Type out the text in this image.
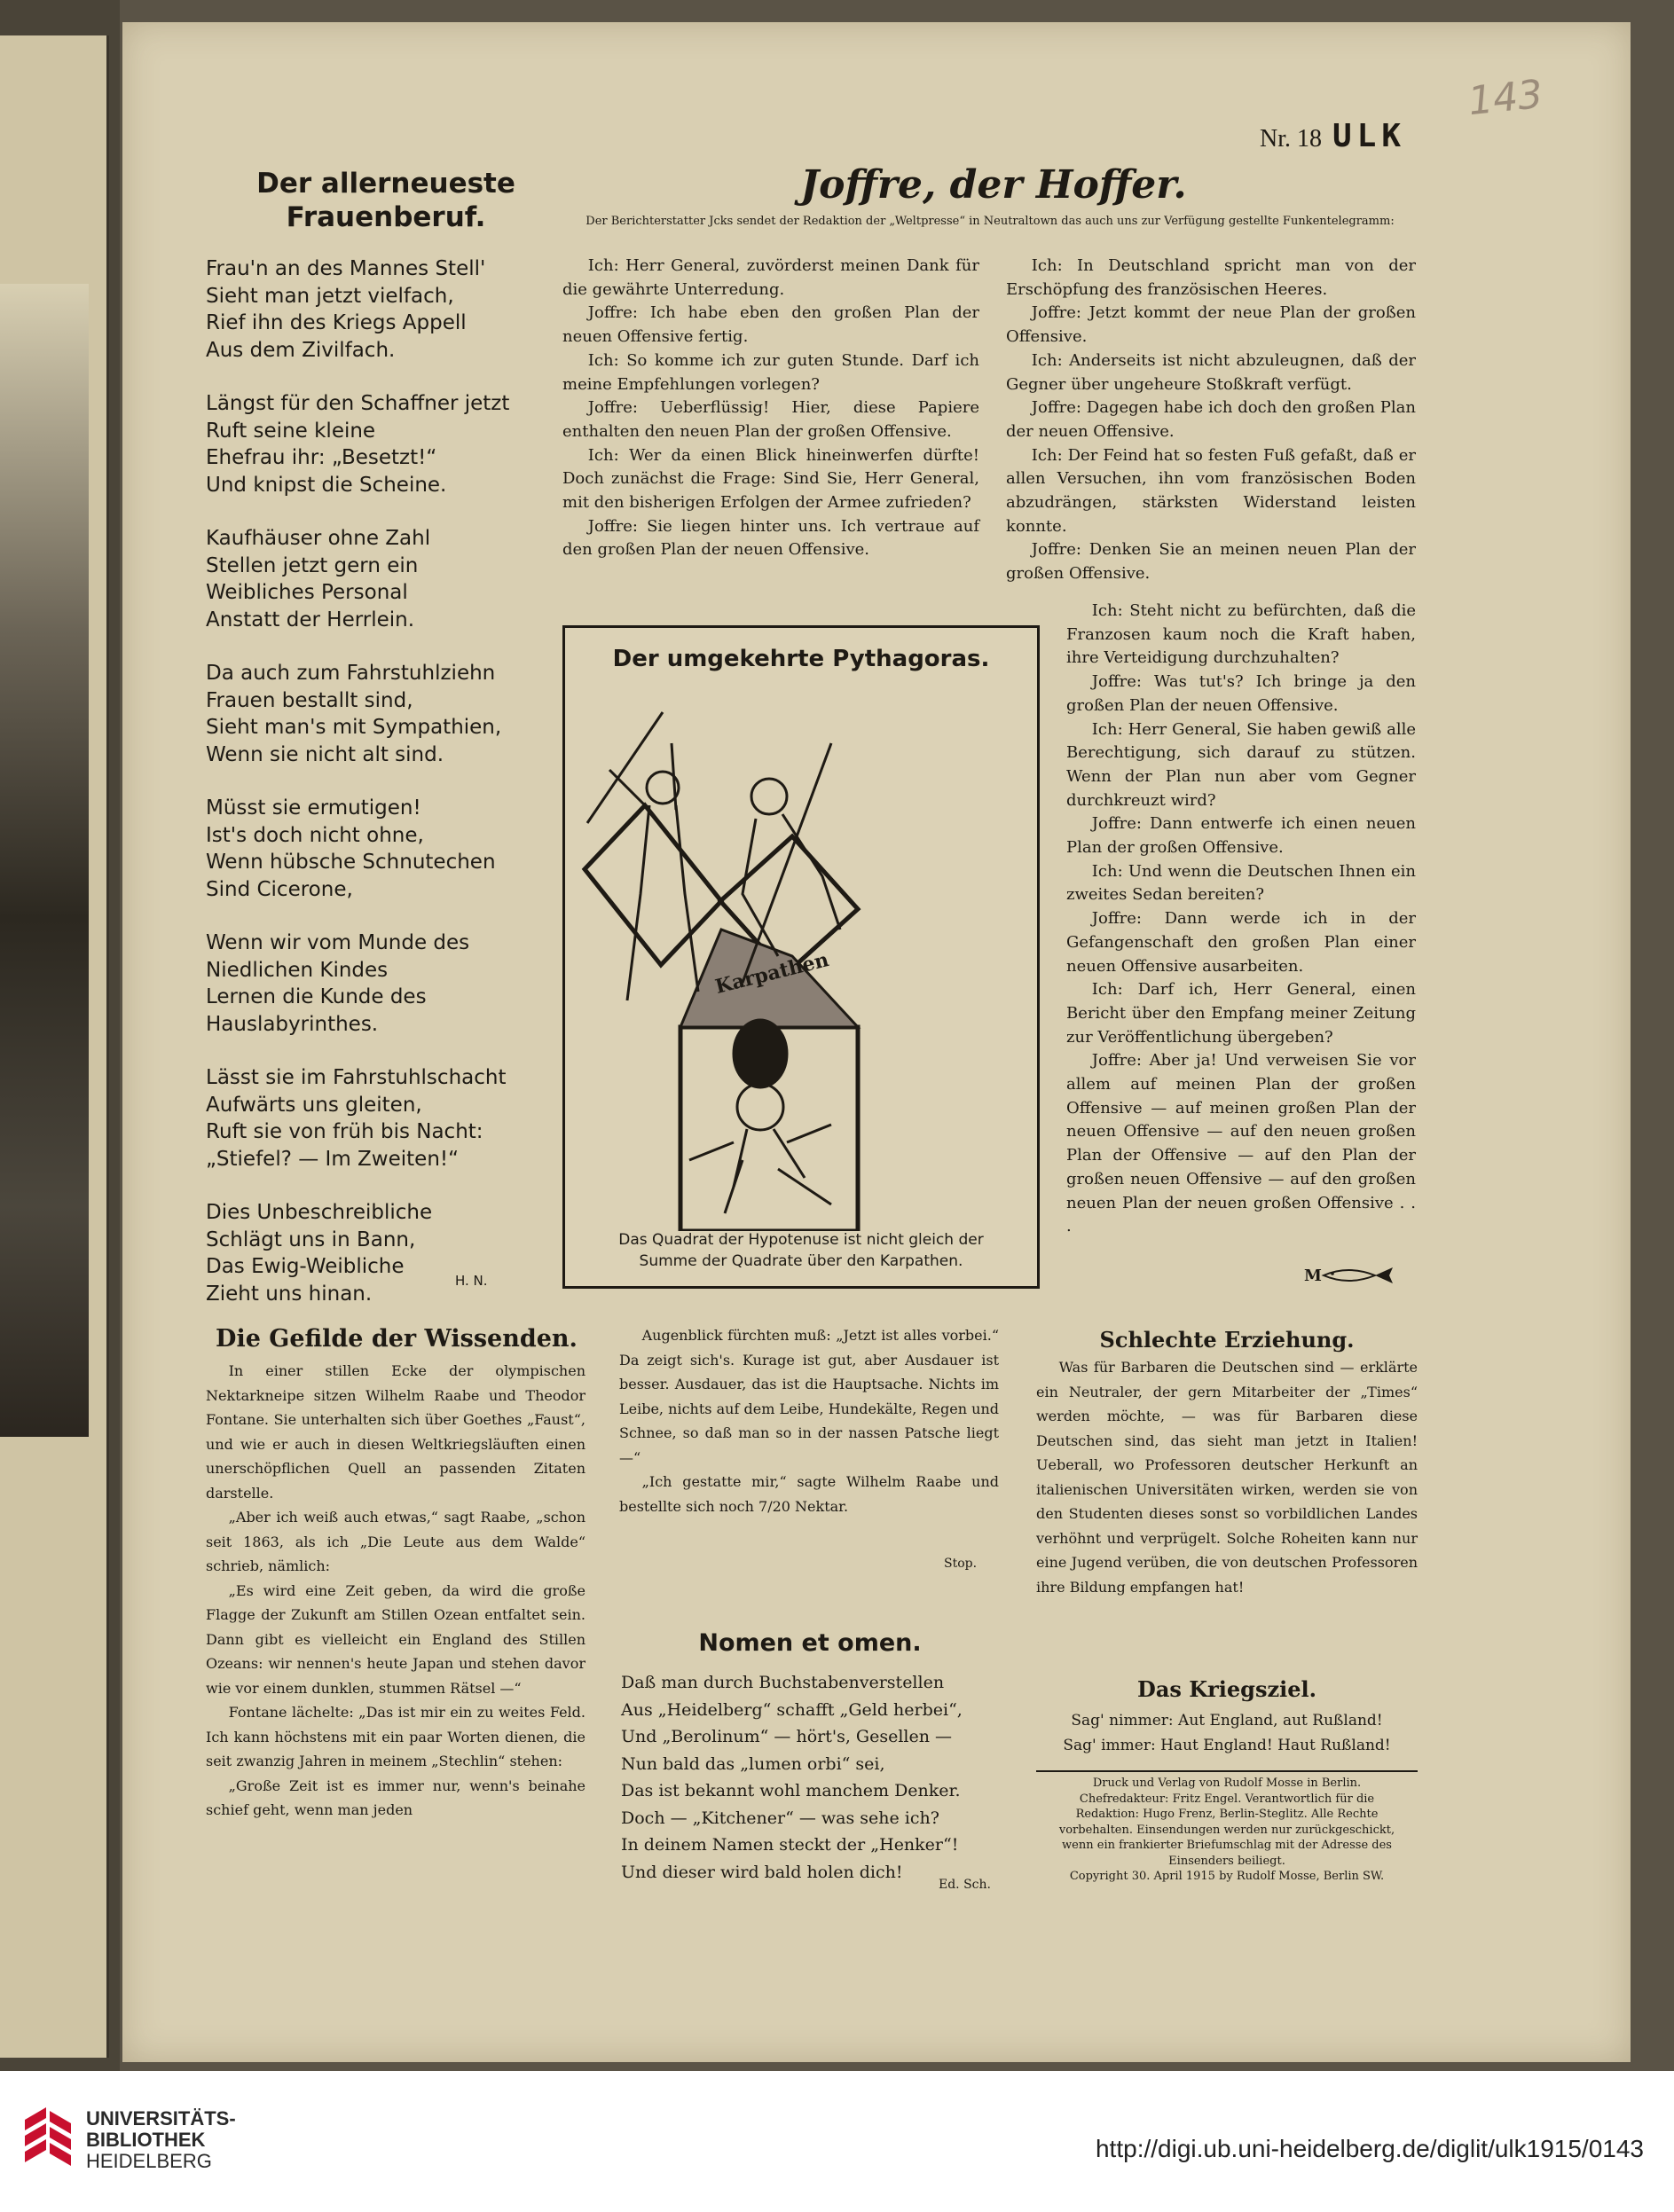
143
Nr. 18 ULK
Der allerneueste
Frauenberuf.
Frau'n an des Mannes Stell'
Sieht man jetzt vielfach,
Rief ihn des Kriegs Appell
Aus dem Zivilfach.
Längst für den Schaffner jetzt
Ruft seine kleine
Ehefrau ihr: „Besetzt!“
Und knipst die Scheine.
Kaufhäuser ohne Zahl
Stellen jetzt gern ein
Weibliches Personal
Anstatt der Herrlein.
Da auch zum Fahrstuhlziehn
Frauen bestallt sind,
Sieht man's mit Sympathien,
Wenn sie nicht alt sind.
Müsst sie ermutigen!
Ist's doch nicht ohne,
Wenn hübsche Schnutechen
Sind Cicerone,
Wenn wir vom Munde des
Niedlichen Kindes
Lernen die Kunde des
Hauslabyrinthes.
Lässt sie im Fahrstuhlschacht
Aufwärts uns gleiten,
Ruft sie von früh bis Nacht:
„Stiefel? — Im Zweiten!“
Dies Unbeschreibliche
Schlägt uns in Bann,
Das Ewig-Weibliche
Zieht uns hinan.
H. N.
Joffre, der Hoffer.
Der Berichterstatter Jcks sendet der Redaktion der „Weltpresse“ in Neutraltown das auch uns zur Verfügung gestellte Funkentelegramm:

Ich: Herr General, zuvörderst meinen Dank für die gewährte Unterredung.

Joffre: Ich habe eben den großen Plan der neuen Offensive fertig.

Ich: So komme ich zur guten Stunde. Darf ich meine Empfehlungen vorlegen?

Joffre: Ueberflüssig! Hier, diese Papiere enthalten den neuen Plan der großen Offensive.

Ich: Wer da einen Blick hineinwerfen dürfte! Doch zunächst die Frage: Sind Sie, Herr General, mit den bisherigen Erfolgen der Armee zufrieden?

Joffre: Sie liegen hinter uns. Ich vertraue auf den großen Plan der neuen Offensive.

Ich: In Deutschland spricht man von der Erschöpfung des französischen Heeres.

Joffre: Jetzt kommt der neue Plan der großen Offensive.

Ich: Anderseits ist nicht abzuleugnen, daß der Gegner über ungeheure Stoßkraft verfügt.

Joffre: Dagegen habe ich doch den großen Plan der neuen Offensive.

Ich: Der Feind hat so festen Fuß gefaßt, daß er allen Versuchen, ihn vom französischen Boden abzudrängen, stärksten Widerstand leisten konnte.

Joffre: Denken Sie an meinen neuen Plan der großen Offensive.

Ich: Steht nicht zu befürchten, daß die Franzosen kaum noch die Kraft haben, ihre Verteidigung durchzuhalten?

Joffre: Was tut's? Ich bringe ja den großen Plan der neuen Offensive.

Ich: Herr General, Sie haben gewiß alle Berechtigung, sich darauf zu stützen. Wenn der Plan nun aber vom Gegner durchkreuzt wird?

Joffre: Dann entwerfe ich einen neuen Plan der großen Offensive.

Ich: Und wenn die Deutschen Ihnen ein zweites Sedan bereiten?

Joffre: Dann werde ich in der Gefangenschaft den großen Plan einer neuen Offensive ausarbeiten.

Ich: Darf ich, Herr General, einen Bericht über den Empfang meiner Zeitung zur Veröffentlichung übergeben?

Joffre: Aber ja! Und verweisen Sie vor allem auf meinen Plan der großen Offensive — auf meinen großen Plan der neuen Offensive — auf den neuen großen Plan der Offensive — auf den Plan der großen neuen Offensive — auf den großen neuen Plan der neuen großen Offensive . . .

M
Der umgekehrte Pythagoras.
Karpathen
Das Quadrat der Hypotenuse ist nicht gleich der
Summe der Quadrate über den Karpathen.
Die Gefilde der Wissenden.

In einer stillen Ecke der olympischen Nektarkneipe sitzen Wilhelm Raabe und Theodor Fontane. Sie unterhalten sich über Goethes „Faust“, und wie er auch in diesen Weltkriegsläuften einen unerschöpflichen Quell an passenden Zitaten darstelle.

„Aber ich weiß auch etwas,“ sagt Raabe, „schon seit 1863, als ich „Die Leute aus dem Walde“ schrieb, nämlich:

„Es wird eine Zeit geben, da wird die große Flagge der Zukunft am Stillen Ozean entfaltet sein. Dann gibt es vielleicht ein England des Stillen Ozeans: wir nennen's heute Japan und stehen davor wie vor einem dunklen, stummen Rätsel —“

Fontane lächelte: „Das ist mir ein zu weites Feld. Ich kann höchstens mit ein paar Worten dienen, die seit zwanzig Jahren in meinem „Stechlin“ stehen:

„Große Zeit ist es immer nur, wenn's beinahe schief geht, wenn man jeden

Augenblick fürchten muß: „Jetzt ist alles vorbei.“ Da zeigt sich's. Kurage ist gut, aber Ausdauer ist besser. Ausdauer, das ist die Hauptsache. Nichts im Leibe, nichts auf dem Leibe, Hundekälte, Regen und Schnee, so daß man so in der nassen Patsche liegt —“

„Ich gestatte mir,“ sagte Wilhelm Raabe und bestellte sich noch 7/20 Nektar.

Stop.
Nomen et omen.
Daß man durch Buchstabenverstellen
Aus „Heidelberg“ schafft „Geld herbei“,
Und „Berolinum“ — hört's, Gesellen —
Nun bald das „lumen orbi“ sei,
Das ist bekannt wohl manchem Denker.
Doch — „Kitchener“ — was sehe ich?
In deinem Namen steckt der „Henker“!
Und dieser wird bald holen dich!
Ed. Sch.
Schlechte Erziehung.

Was für Barbaren die Deutschen sind — erklärte ein Neutraler, der gern Mitarbeiter der „Times“ werden möchte, — was für Barbaren diese Deutschen sind, das sieht man jetzt in Italien! Ueberall, wo Professoren deutscher Herkunft an italienischen Universitäten wirken, werden sie von den Studenten dieses sonst so vorbildlichen Landes verhöhnt und verprügelt. Solche Roheiten kann nur eine Jugend verüben, die von deutschen Professoren ihre Bildung empfangen hat!

Das Kriegsziel.
Sag' nimmer: Aut England, aut Rußland!
Sag' immer: Haut England! Haut Rußland!
Druck und Verlag von Rudolf Mosse in Berlin.
Chefredakteur: Fritz Engel. Verantwortlich für die
Redaktion: Hugo Frenz, Berlin-Steglitz. Alle Rechte
vorbehalten. Einsendungen werden nur zurückgeschickt,
wenn ein frankierter Briefumschlag mit der Adresse des
Einsenders beiliegt.
Copyright 30. April 1915 by Rudolf Mosse, Berlin SW.
UNIVERSITÄTS-
BIBLIOTHEK
HEIDELBERG	http://digi.ub.uni-heidelberg.de/diglit/ulk1915/0143
